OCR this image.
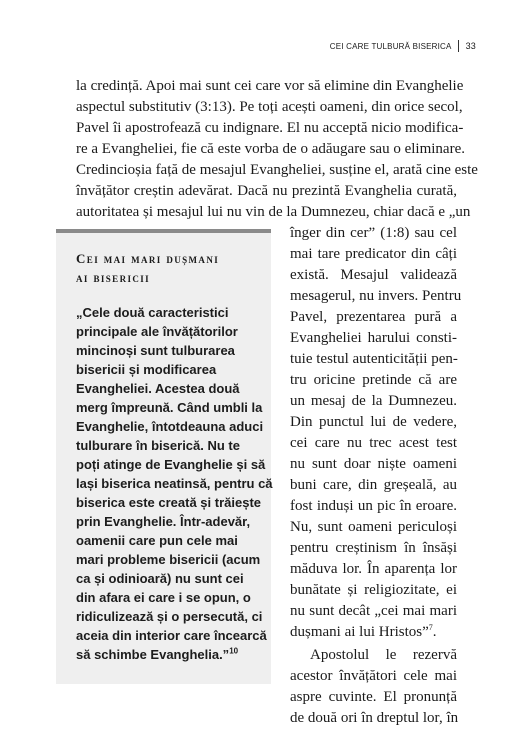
CEI CARE TULBURĂ BISERICA 33
la credință. Apoi mai sunt cei care vor să elimine din Evanghelie
aspectul substitutiv (3:13). Pe toți acești oameni, din orice secol,
Pavel îi apostrofează cu indignare. El nu acceptă nicio modifica-
re a Evangheliei, fie că este vorba de o adăugare sau o eliminare.
Credincioșia față de mesajul Evangheliei, susține el, arată cine este
învățător creștin adevărat. Dacă nu prezintă Evanghelia curată,
autoritatea și mesajul lui nu vin de la Dumnezeu, chiar dacă e „un
Cei mai mari dușmani
ai bisericii
„Cele două caracteristici
principale ale învățătorilor
mincinoși sunt tulburarea
bisericii și modificarea
Evangheliei. Acestea două
merg împreună. Când umbli la
Evanghelie, întotdeauna aduci
tulburare în biserică. Nu te
poți atinge de Evanghelie și să
lași biserica neatinsă, pentru că
biserica este creată și trăiește
prin Evanghelie. Într-adevăr,
oamenii care pun cele mai
mari probleme bisericii (acum
ca și odinioară) nu sunt cei
din afara ei care i se opun, o
ridiculizează și o persecută, ci
aceia din interior care încearcă
să schimbe Evanghelia.”$^{10}$
înger din cer” (1:8) sau cel
mai tare predicator din câți
există. Mesajul validează
mesagerul, nu invers. Pentru
Pavel, prezentarea pură a
Evangheliei harului consti-
tuie testul autenticității pen-
tru oricine pretinde că are
un mesaj de la Dumnezeu.
Din punctul lui de vedere,
cei care nu trec acest test
nu sunt doar niște oameni
buni care, din greșeală, au
fost induși un pic în eroare.
Nu, sunt oameni periculoși
pentru creștinism în însăși
măduva lor. În aparența lor
bunătate și religiozitate, ei
nu sunt decât „cei mai mari
dușmani ai lui Hristos”$^7$.
Apostolul le rezervă
acestor învățători cele mai
aspre cuvinte. El pronunță
de două ori în dreptul lor, în
